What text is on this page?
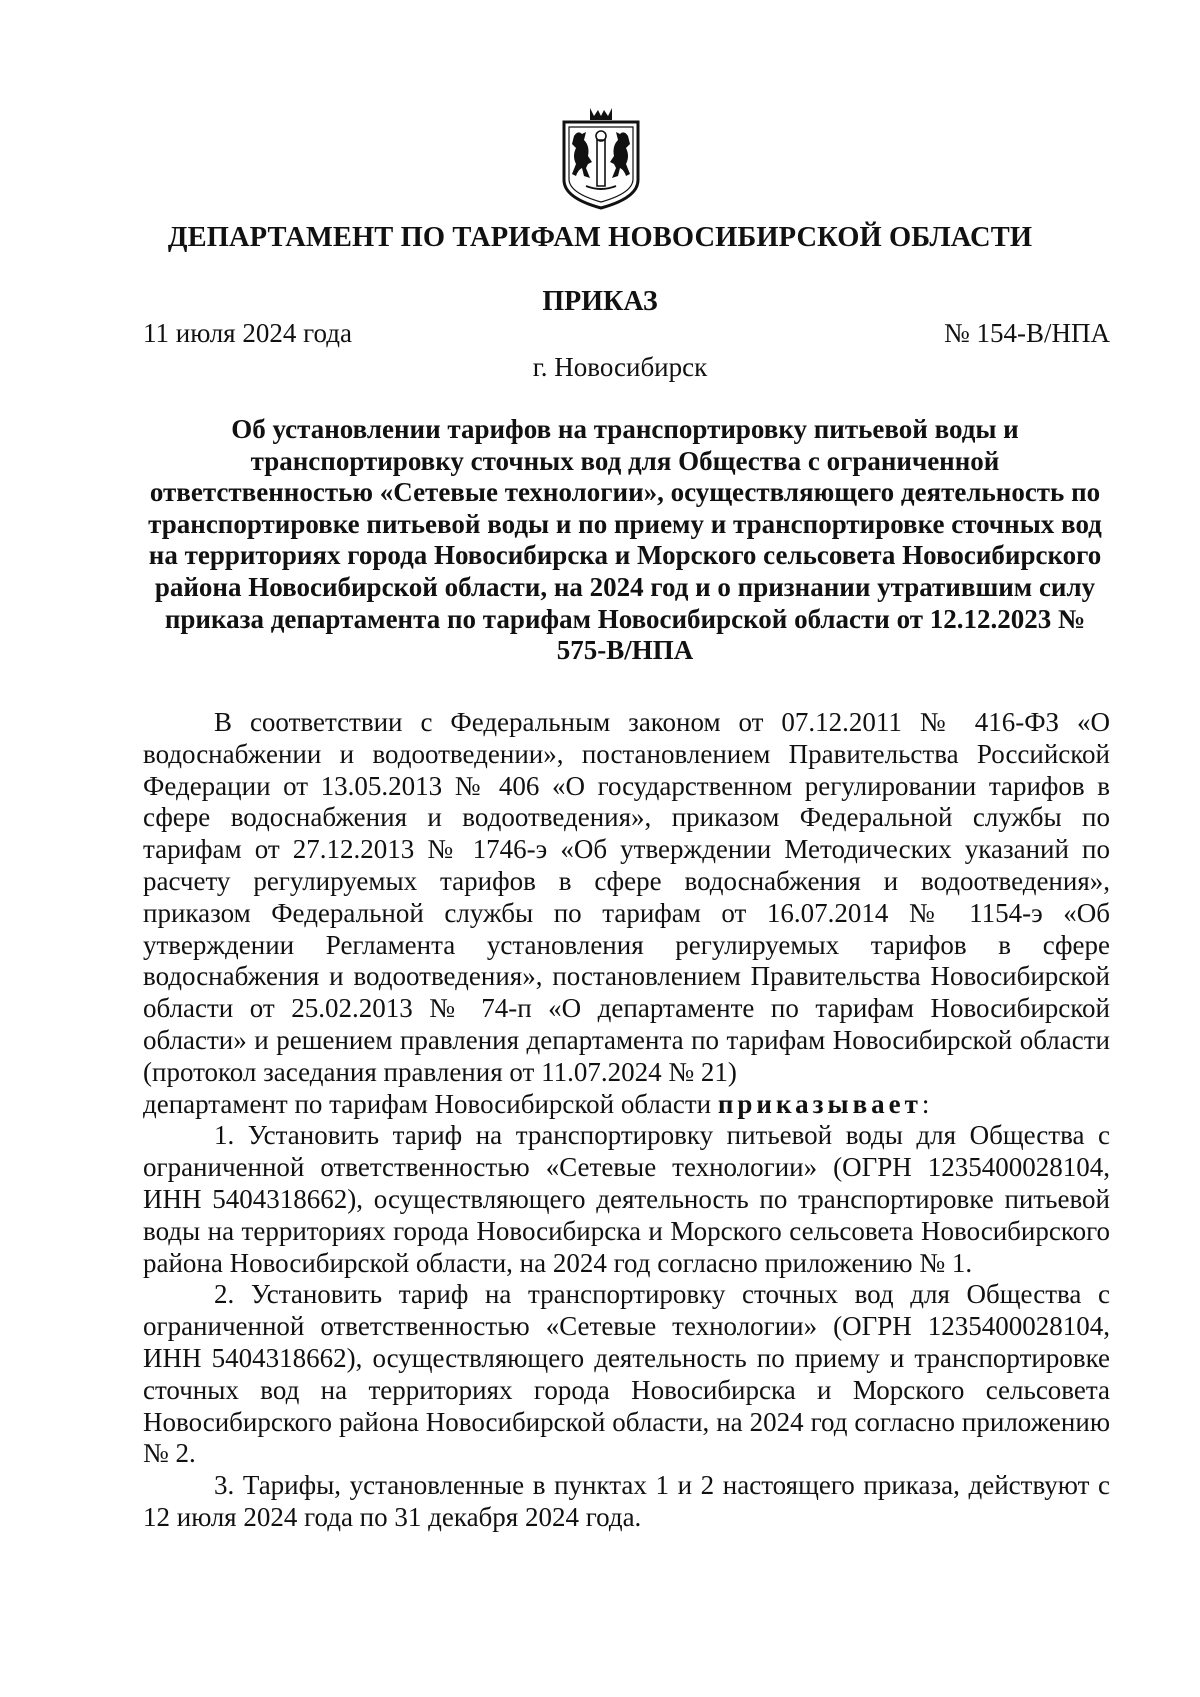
ДЕПАРТАМЕНТ ПО ТАРИФАМ НОВОСИБИРСКОЙ ОБЛАСТИ
ПРИКАЗ
11 июля 2024 года	№ 154-В/НПА
г. Новосибирск
Об установлении тарифов на транспортировку питьевой воды и транспортировку сточных вод для Общества с ограниченной ответственностью «Сетевые технологии», осуществляющего деятельность по транспортировке питьевой воды и по приему и транспортировке сточных вод на территориях города Новосибирска и Морского сельсовета Новосибирского района Новосибирской области, на 2024 год и о признании утратившим силу приказа департамента по тарифам Новосибирской области от 12.12.2023 № 575-В/НПА

В соответствии с Федеральным законом от 07.12.2011 № 416-ФЗ «О водоснабжении и водоотведении», постановлением Правительства Российской Федерации от 13.05.2013 № 406 «О государственном регулировании тарифов в сфере водоснабжения и водоотведения», приказом Федеральной службы по тарифам от 27.12.2013 № 1746-э «Об утверждении Методических указаний по расчету регулируемых тарифов в сфере водоснабжения и водоотведения», приказом Федеральной службы по тарифам от 16.07.2014 № 1154-э «Об утверждении Регламента установления регулируемых тарифов в сфере водоснабжения и водоотведения», постановлением Правительства Новосибирской области от 25.02.2013 № 74-п «О департаменте по тарифам Новосибирской области» и решением правления департамента по тарифам Новосибирской области (протокол заседания правления от 11.07.2024 № 21)

департамент по тарифам Новосибирской области приказывает:

1. Установить тариф на транспортировку питьевой воды для Общества с ограниченной ответственностью «Сетевые технологии» (ОГРН 1235400028104, ИНН 5404318662), осуществляющего деятельность по транспортировке питьевой воды на территориях города Новосибирска и Морского сельсовета Новосибирского района Новосибирской области, на 2024 год согласно приложению № 1.

2. Установить тариф на транспортировку сточных вод для Общества с ограниченной ответственностью «Сетевые технологии» (ОГРН 1235400028104, ИНН 5404318662), осуществляющего деятельность по приему и транспортировке сточных вод на территориях города Новосибирска и Морского сельсовета Новосибирского района Новосибирской области, на 2024 год согласно приложению № 2.

3. Тарифы, установленные в пунктах 1 и 2 настоящего приказа, действуют с 12 июля 2024 года по 31 декабря 2024 года.
